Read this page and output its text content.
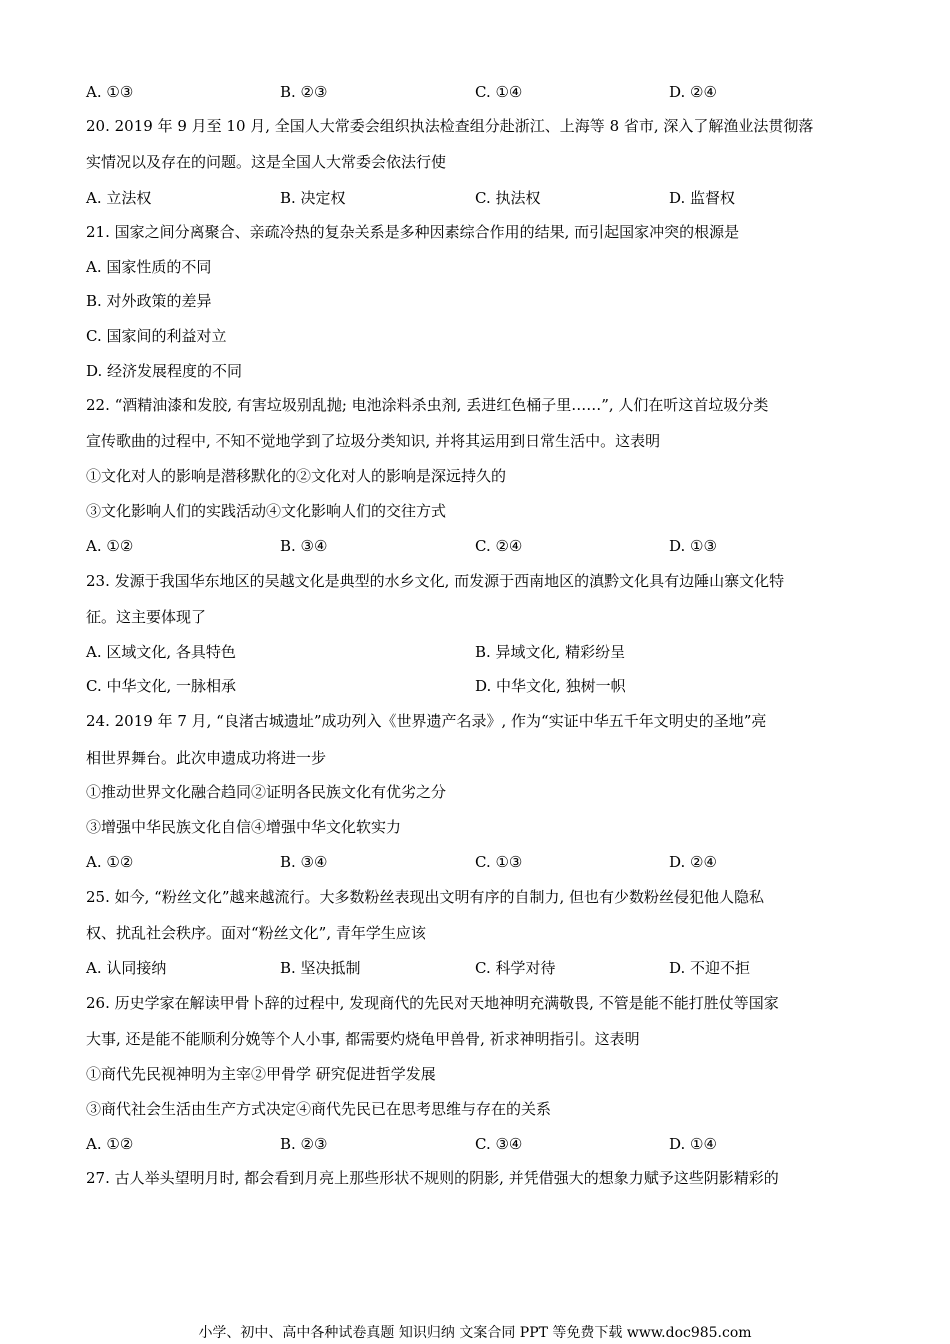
A. ①③	B. ②③	C. ①④	D. ②④
20. 2019 年 9 月至 10 月, 全国人大常委会组织执法检查组分赴浙江、上海等 8 省市, 深入了解渔业法贯彻落
实情况以及存在的问题。这是全国人大常委会依法行使
A. 立法权	B. 决定权	C. 执法权	D. 监督权
21. 国家之间分离聚合、亲疏冷热的复杂关系是多种因素综合作用的结果, 而引起国家冲突的根源是
A. 国家性质的不同
B. 对外政策的差异
C. 国家间的利益对立
D. 经济发展程度的不同
22. “酒精油漆和发胶, 有害垃圾别乱抛; 电池涂料杀虫剂, 丢进红色桶子里……”, 人们在听这首垃圾分类
宣传歌曲的过程中, 不知不觉地学到了垃圾分类知识, 并将其运用到日常生活中。这表明
①文化对人的影响是潜移默化的②文化对人的影响是深远持久的
③文化影响人们的实践活动④文化影响人们的交往方式
A. ①②	B. ③④	C. ②④	D. ①③
23. 发源于我国华东地区的吴越文化是典型的水乡文化, 而发源于西南地区的滇黔文化具有边陲山寨文化特
征。这主要体现了
A. 区域文化, 各具特色	B. 异域文化, 精彩纷呈
C. 中华文化, 一脉相承	D. 中华文化, 独树一帜
24. 2019 年 7 月, “良渚古城遗址”成功列入《世界遗产名录》, 作为“实证中华五千年文明史的圣地”亮
相世界舞台。此次申遗成功将进一步
①推动世界文化融合趋同②证明各民族文化有优劣之分
③增强中华民族文化自信④增强中华文化软实力
A. ①②	B. ③④	C. ①③	D. ②④
25. 如今, “粉丝文化”越来越流行。大多数粉丝表现出文明有序的自制力, 但也有少数粉丝侵犯他人隐私
权、扰乱社会秩序。面对“粉丝文化”, 青年学生应该
A. 认同接纳	B. 坚决抵制	C. 科学对待	D. 不迎不拒
26. 历史学家在解读甲骨卜辞的过程中, 发现商代的先民对天地神明充满敬畏, 不管是能不能打胜仗等国家
大事, 还是能不能顺利分娩等个人小事, 都需要灼烧龟甲兽骨, 祈求神明指引。这表明
①商代先民视神明为主宰②甲骨学 研究促进哲学发展
③商代社会生活由生产方式决定④商代先民已在思考思维与存在的关系
A. ①②	B. ②③	C. ③④	D. ①④
27. 古人举头望明月时, 都会看到月亮上那些形状不规则的阴影, 并凭借强大的想象力赋予这些阴影精彩的
小学、初中、高中各种试卷真题 知识归纳 文案合同 PPT 等免费下载 www.doc985.com
